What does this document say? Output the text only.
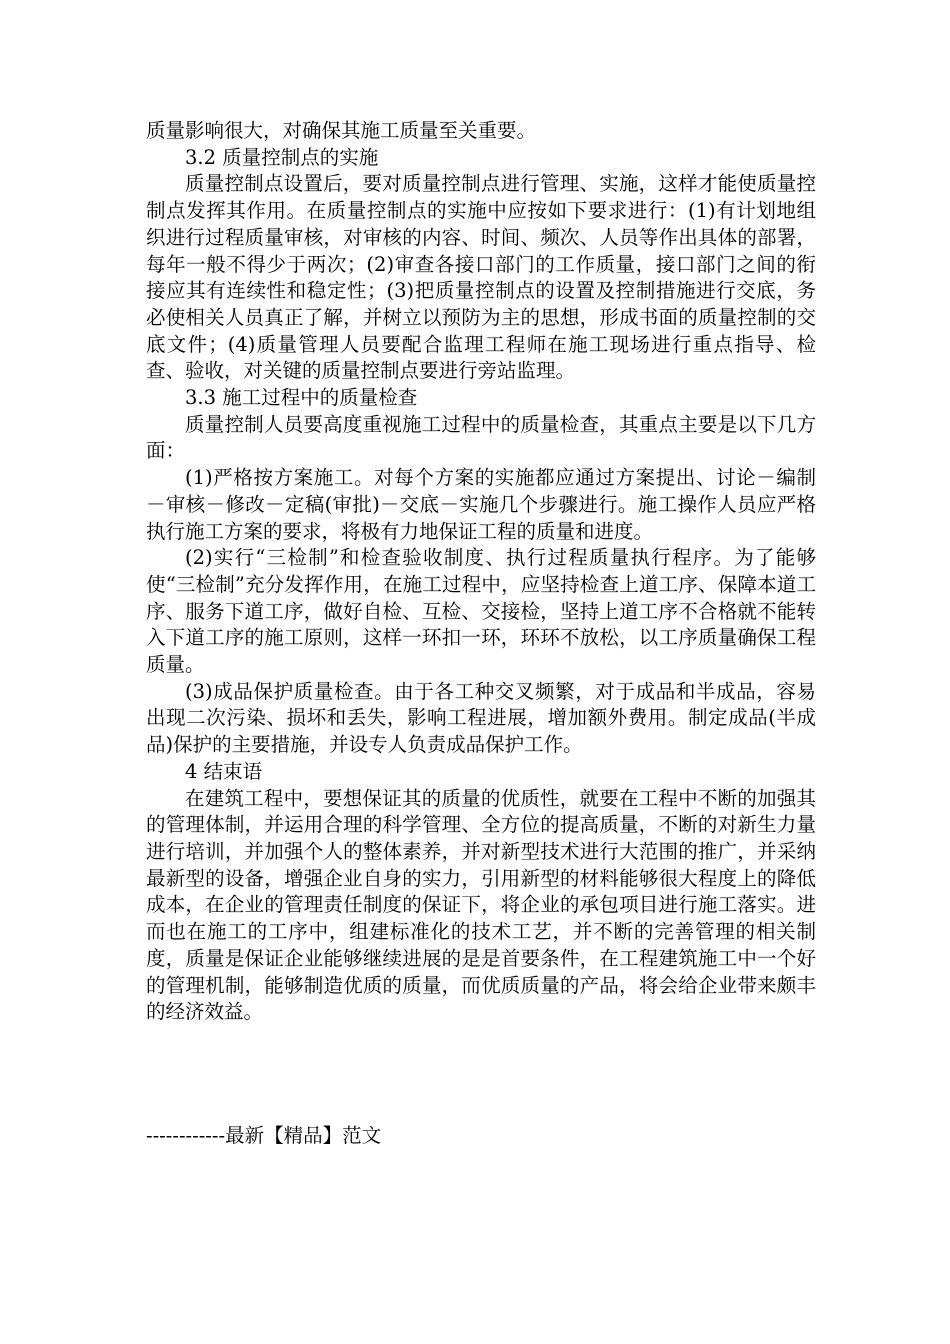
质量影响很大，对确保其施工质量至关重要。

3.2 质量控制点的实施

质量控制点设置后，要对质量控制点进行管理、实施，这样才能使质量控制点发挥其作用。在质量控制点的实施中应按如下要求进行：(1)有计划地组织进行过程质量审核，对审核的内容、时间、频次、人员等作出具体的部署，每年一般不得少于两次；(2)审查各接口部门的工作质量，接口部门之间的衔接应其有连续性和稳定性；(3)把质量控制点的设置及控制措施进行交底，务必使相关人员真正了解，并树立以预防为主的思想，形成书面的质量控制的交底文件；(4)质量管理人员要配合监理工程师在施工现场进行重点指导、检查、验收，对关键的质量控制点要进行旁站监理。

3.3 施工过程中的质量检查

质量控制人员要高度重视施工过程中的质量检查，其重点主要是以下几方面：

(1)严格按方案施工。对每个方案的实施都应通过方案提出、讨论－编制－审核－修改－定稿(审批)－交底－实施几个步骤进行。施工操作人员应严格执行施工方案的要求，将极有力地保证工程的质量和进度。

(2)实行“三检制”和检查验收制度、执行过程质量执行程序。为了能够使“三检制”充分发挥作用，在施工过程中，应坚持检查上道工序、保障本道工序、服务下道工序，做好自检、互检、交接检，坚持上道工序不合格就不能转入下道工序的施工原则，这样一环扣一环，环环不放松，以工序质量确保工程质量。

(3)成品保护质量检查。由于各工种交叉频繁，对于成品和半成品，容易出现二次污染、损坏和丢失，影响工程进展，增加额外费用。制定成品(半成品)保护的主要措施，并设专人负责成品保护工作。

4 结束语

在建筑工程中，要想保证其的质量的优质性，就要在工程中不断的加强其的管理体制，并运用合理的科学管理、全方位的提高质量，不断的对新生力量进行培训，并加强个人的整体素养，并对新型技术进行大范围的推广，并采纳最新型的设备，增强企业自身的实力，引用新型的材料能够很大程度上的降低成本，在企业的管理责任制度的保证下，将企业的承包项目进行施工落实。进而也在施工的工序中，组建标准化的技术工艺，并不断的完善管理的相关制度，质量是保证企业能够继续进展的是是首要条件，在工程建筑施工中一个好的管理机制，能够制造优质的质量，而优质质量的产品，将会给企业带来颇丰的经济效益。

------------最新【精品】范文
